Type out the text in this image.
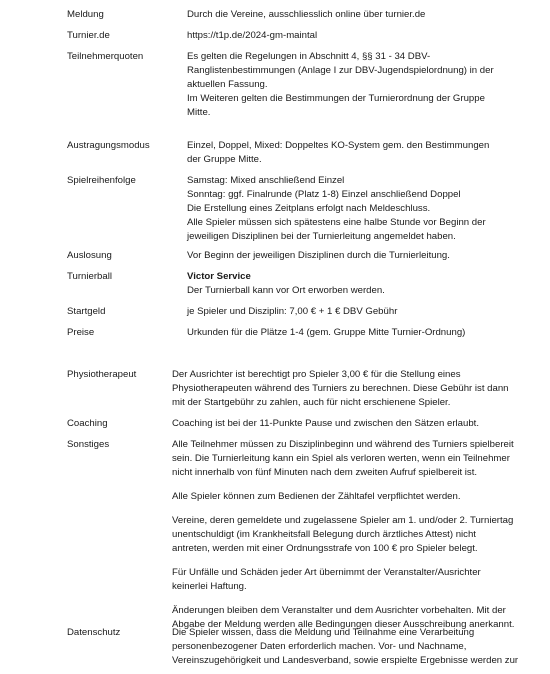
Meldung	Durch die Vereine, ausschliesslich online über turnier.de
Turnier.de	https://t1p.de/2024-gm-maintal
Teilnehmerquoten	Es gelten die Regelungen in Abschnitt 4, §§ 31 - 34 DBV-
Ranglistenbestimmungen (Anlage I zur DBV-Jugendspielordnung) in der
aktuellen Fassung.
Im Weiteren gelten die Bestimmungen der Turnierordnung der Gruppe
Mitte.
Austragungsmodus	Einzel, Doppel, Mixed: Doppeltes KO-System gem. den Bestimmungen
der Gruppe Mitte.
Spielreihenfolge	Samstag: Mixed anschließend Einzel
Sonntag: ggf. Finalrunde (Platz 1-8) Einzel anschließend Doppel
Die Erstellung eines Zeitplans erfolgt nach Meldeschluss.
Alle Spieler müssen sich spätestens eine halbe Stunde vor Beginn der
jeweiligen Disziplinen bei der Turnierleitung angemeldet haben.
Auslosung	Vor Beginn der jeweiligen Disziplinen durch die Turnierleitung.
Turnierball	Victor Service
Der Turnierball kann vor Ort erworben werden.
Startgeld	je Spieler und Disziplin: 7,00 € + 1 € DBV Gebühr
Preise	Urkunden für die Plätze 1-4 (gem. Gruppe Mitte Turnier-Ordnung)
Physiotherapeut	Der Ausrichter ist berechtigt pro Spieler 3,00 € für die Stellung eines
Physiotherapeuten während des Turniers zu berechnen. Diese Gebühr ist dann
mit der Startgebühr zu zahlen, auch für nicht erschienene Spieler.
Coaching	Coaching ist bei der 11-Punkte Pause und zwischen den Sätzen erlaubt.
Sonstiges	Alle Teilnehmer müssen zu Disziplinbeginn und während des Turniers spielbereit
sein. Die Turnierleitung kann ein Spiel als verloren werten, wenn ein Teilnehmer
nicht innerhalb von fünf Minuten nach dem zweiten Aufruf spielbereit ist.
Alle Spieler können zum Bedienen der Zähltafel verpflichtet werden.
Vereine, deren gemeldete und zugelassene Spieler am 1. und/oder 2. Turniertag
unentschuldigt (im Krankheitsfall Belegung durch ärztliches Attest) nicht
antreten, werden mit einer Ordnungsstrafe von 100 € pro Spieler belegt.
Für Unfälle und Schäden jeder Art übernimmt der Veranstalter/Ausrichter
keinerlei Haftung.
Änderungen bleiben dem Veranstalter und dem Ausrichter vorbehalten. Mit der
Abgabe der Meldung werden alle Bedingungen dieser Ausschreibung anerkannt.
Datenschutz	Die Spieler wissen, dass die Meldung und Teilnahme eine Verarbeitung
personenbezogener Daten erforderlich machen. Vor- und Nachname,
Vereinszugehörigkeit und Landesverband, sowie erspielte Ergebnisse werden zur
